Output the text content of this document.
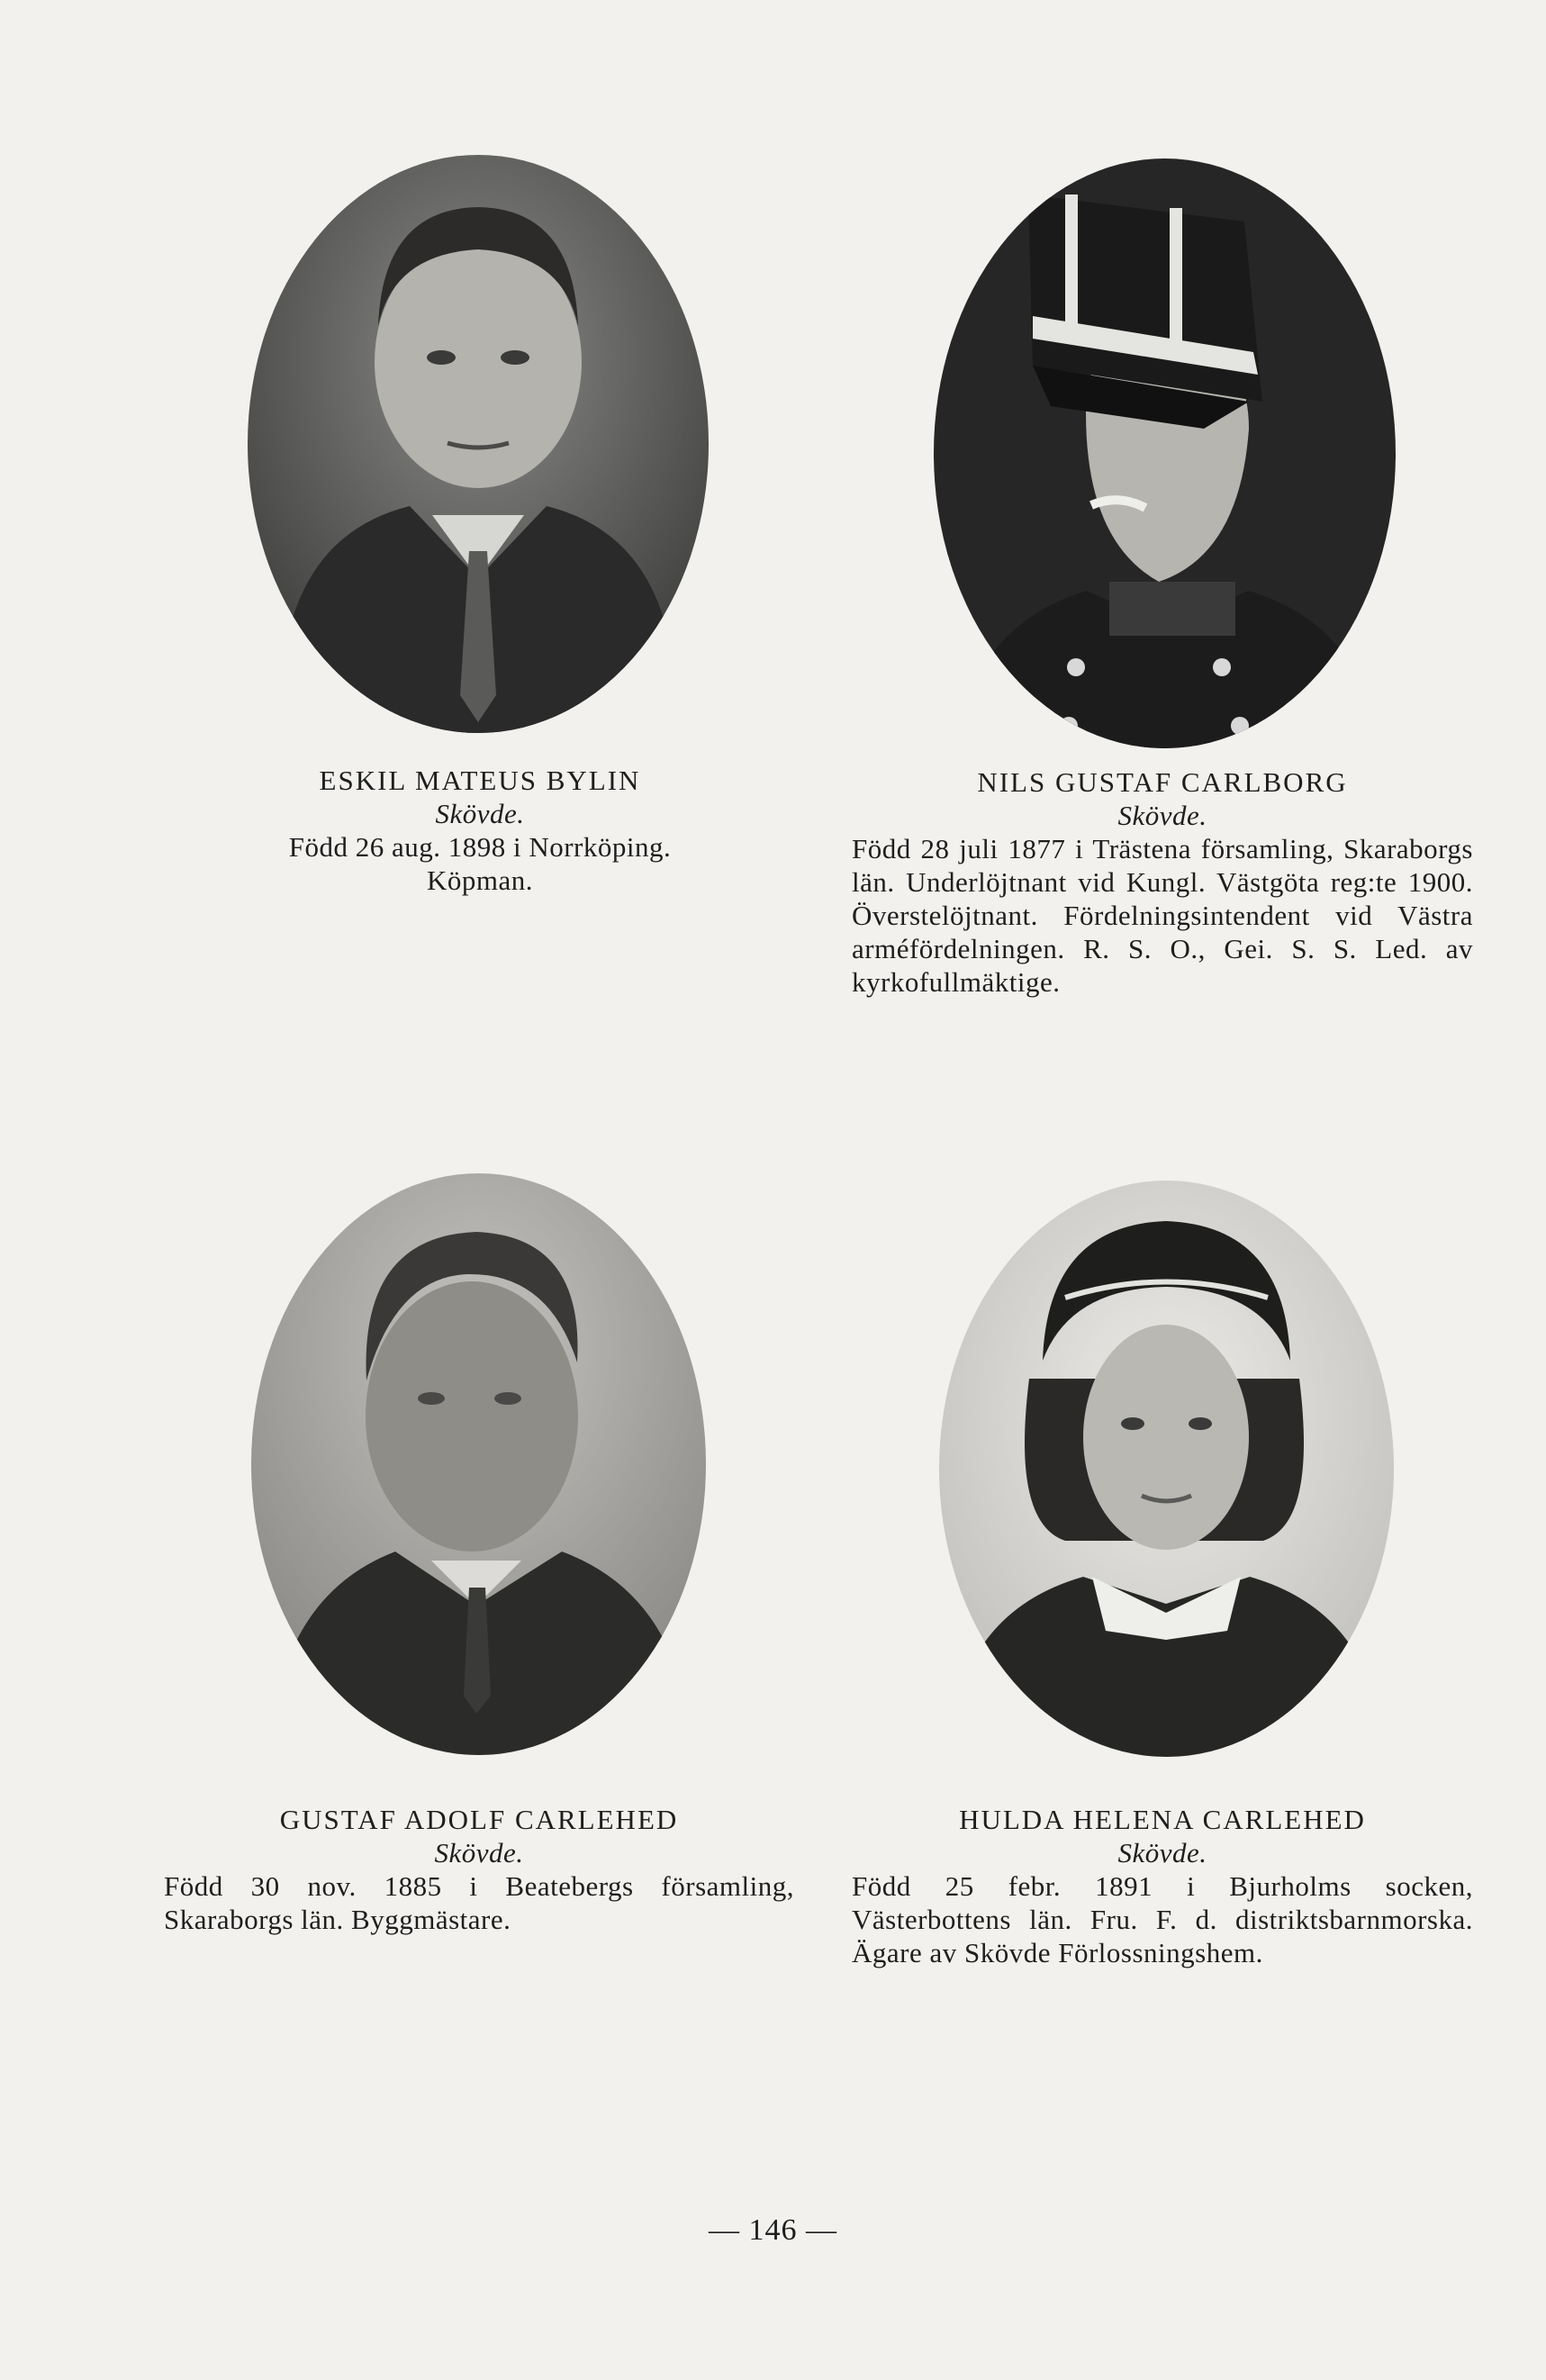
ESKIL MATEUS BYLIN
Skövde.
Född 26 aug. 1898 i Norrköping. Köpman.
NILS GUSTAF CARLBORG
Skövde.
Född 28 juli 1877 i Trästena församling, Skaraborgs län. Underlöjtnant vid Kungl. Västgöta reg:te 1900. Överstelöjtnant. Fördelningsintendent vid Västra arméfördelningen. R. S. O., Gei. S. S. Led. av kyrkofullmäktige.
GUSTAF ADOLF CARLEHED
Skövde.
Född 30 nov. 1885 i Beatebergs församling, Skaraborgs län. Byggmästare.
HULDA HELENA CARLEHED
Skövde.
Född 25 febr. 1891 i Bjurholms socken, Västerbottens län. Fru. F. d. distriktsbarnmorska. Ägare av Skövde Förlossningshem.
— 146 —
